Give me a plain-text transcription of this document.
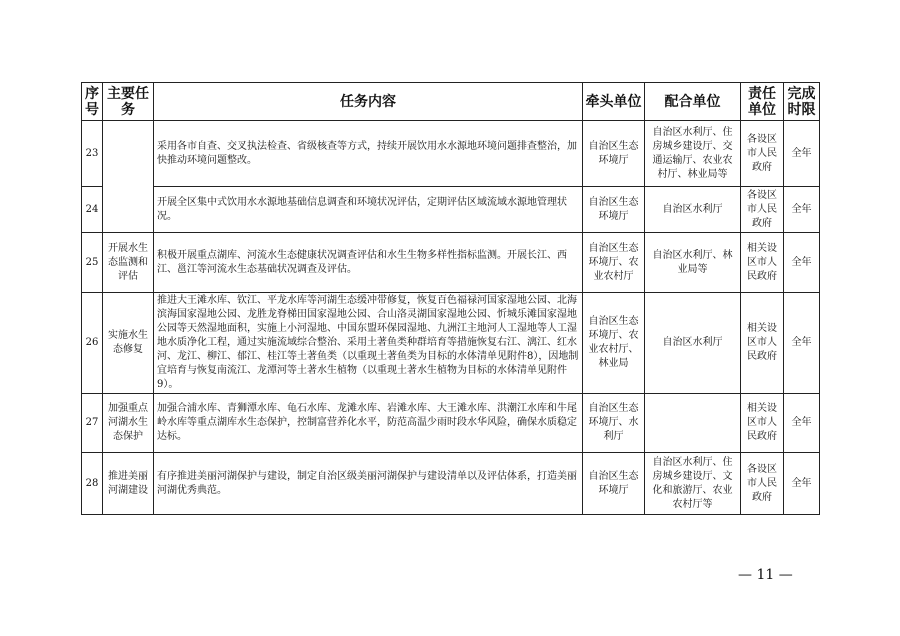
序号	主要任务	任务内容	牵头单位	配合单位	责任单位	完成时限
23		采用各市自查、交叉执法检查、省级核查等方式，持续开展饮用水水源地环境问题排查整治，加快推动环境问题整改。	自治区生态环境厅	自治区水利厅、住房城乡建设厅、交通运输厅、农业农村厅、林业局等	各设区市人民政府	全年
24		开展全区集中式饮用水水源地基础信息调查和环境状况评估，定期评估区域流域水源地管理状况。	自治区生态环境厅	自治区水利厅	各设区市人民政府	全年
25	开展水生态监测和评估	积极开展重点湖库、河流水生态健康状况调查评估和水生生物多样性指标监测。开展长江、西江、邕江等河流水生态基础状况调查及评估。	自治区生态环境厅、农业农村厅	自治区水利厅、林业局等	相关设区市人民政府	全年
26	实施水生态修复	推进大王滩水库、钦江、平龙水库等河湖生态缓冲带修复，恢复百色福禄河国家湿地公园、北海滨海国家湿地公园、龙胜龙脊梯田国家湿地公园、合山洛灵湖国家湿地公园、忻城乐滩国家湿地公园等天然湿地面积，实施上小河湿地、中国东盟环保园湿地、九洲江主地河人工湿地等人工湿地水质净化工程，通过实施流域综合整治、采用土著鱼类种群培育等措施恢复右江、漓江、红水河、龙江、柳江、郁江、桂江等土著鱼类（以重现土著鱼类为目标的水体清单见附件8），因地制宜培育与恢复南流江、龙潭河等土著水生植物（以重现土著水生植物为目标的水体清单见附件9）。	自治区生态环境厅、农业农村厅、林业局	自治区水利厅	相关设区市人民政府	全年
27	加强重点河湖水生态保护	加强合浦水库、青狮潭水库、龟石水库、龙滩水库、岩滩水库、大王滩水库、洪潮江水库和牛尾岭水库等重点湖库水生态保护，控制富营养化水平，防范高温少雨时段水华风险，确保水质稳定达标。	自治区生态环境厅、水利厅		相关设区市人民政府	全年
28	推进美丽河湖建设	有序推进美丽河湖保护与建设，制定自治区级美丽河湖保护与建设清单以及评估体系，打造美丽河湖优秀典范。	自治区生态环境厅	自治区水利厅、住房城乡建设厅、文化和旅游厅、农业农村厅等	各设区市人民政府	全年
— 11 —
